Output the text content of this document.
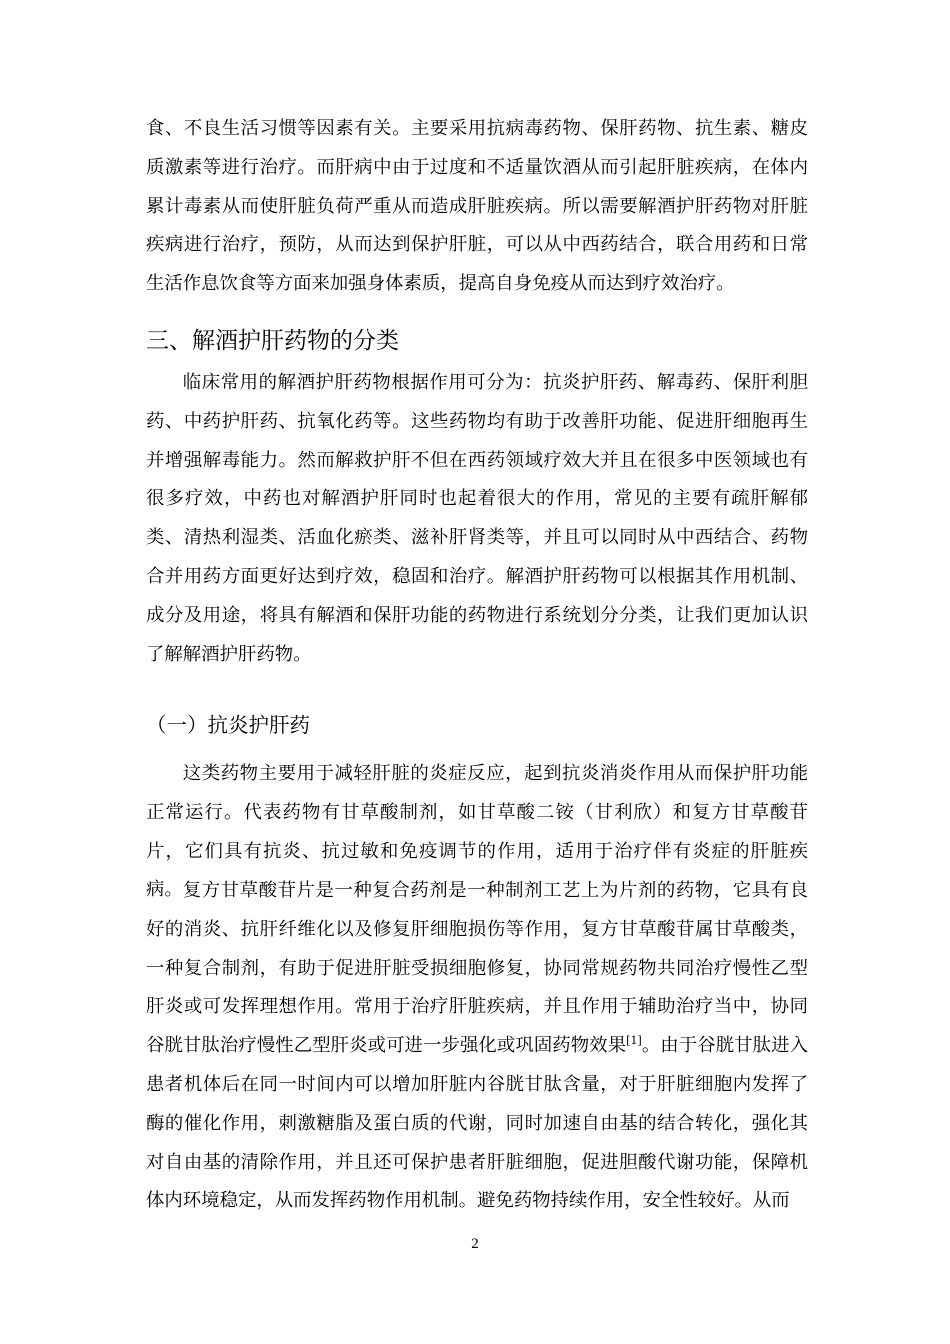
食、不良生活习惯等因素有关。主要采用抗病毒药物、保肝药物、抗生素、糖皮质激素等进行治疗。而肝病中由于过度和不适量饮酒从而引起肝脏疾病，在体内累计毒素从而使肝脏负荷严重从而造成肝脏疾病。所以需要解酒护肝药物对肝脏疾病进行治疗，预防，从而达到保护肝脏，可以从中西药结合，联合用药和日常生活作息饮食等方面来加强身体素质，提高自身免疫从而达到疗效治疗。

三、解酒护肝药物的分类

临床常用的解酒护肝药物根据作用可分为：抗炎护肝药、解毒药、保肝利胆药、中药护肝药、抗氧化药等。这些药物均有助于改善肝功能、促进肝细胞再生并增强解毒能力。然而解救护肝不但在西药领域疗效大并且在很多中医领域也有很多疗效，中药也对解酒护肝同时也起着很大的作用，常见的主要有疏肝解郁类、清热利湿类、活血化瘀类、滋补肝肾类等，并且可以同时从中西结合、药物合并用药方面更好达到疗效，稳固和治疗。解酒护肝药物可以根据其作用机制、成分及用途，将具有解酒和保肝功能的药物进行系统划分分类，让我们更加认识了解解酒护肝药物。

（一）抗炎护肝药

这类药物主要用于减轻肝脏的炎症反应，起到抗炎消炎作用从而保护肝功能正常运行。代表药物有甘草酸制剂，如甘草酸二铵（甘利欣）和复方甘草酸苷片，它们具有抗炎、抗过敏和免疫调节的作用，适用于治疗伴有炎症的肝脏疾病。 复方甘草酸苷片是一种复合药剂是一种制剂工艺上为片剂的药物，它具有良好的消炎、抗肝纤维化以及修复肝细胞损伤等作用，复方甘草酸苷属甘草酸类，一种复合制剂，有助于促进肝脏受损细胞修复，协同常规药物共同治疗慢性乙型肝炎或可发挥理想作用。常用于治疗肝脏疾病，并且作用于辅助治疗当中，协同谷胱甘肽治疗慢性乙型肝炎或可进一步强化或巩固药物效果[1]。由于谷胱甘肽进入患者机体后在同一时间内可以增加肝脏内谷胱甘肽含量，对于肝脏细胞内发挥了酶的催化作用，刺激糖脂及蛋白质的代谢，同时加速自由基的结合转化，强化其对自由基的清除作用，并且还可保护患者肝脏细胞，促进胆酸代谢功能，保障机体内环境稳定，从而发挥药物作用机制。避免药物持续作用，安全性较好。从而

2
